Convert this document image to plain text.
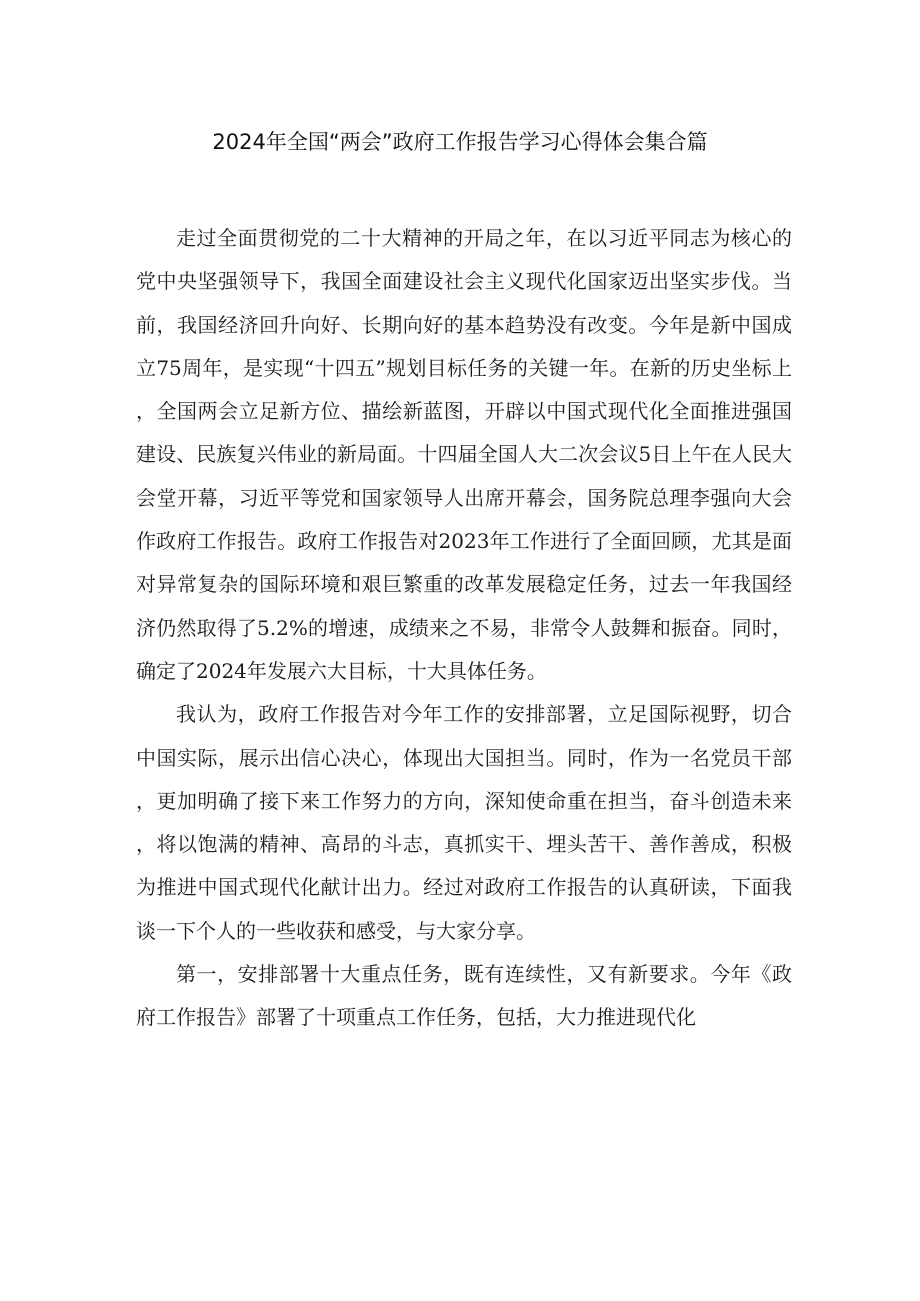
2024年全国“两会”政府工作报告学习心得体会集合篇

走过全面贯彻党的二十大精神的开局之年，在以习近平同志为核心的党中央坚强领导下，我国全面建设社会主义现代化国家迈出坚实步伐。当前，我国经济回升向好、长期向好的基本趋势没有改变。今年是新中国成立75周年，是实现“十四五”规划目标任务的关键一年。在新的历史坐标上，全国两会立足新方位、描绘新蓝图，开辟以中国式现代化全面推进强国建设、民族复兴伟业的新局面。十四届全国人大二次会议5日上午在人民大会堂开幕，习近平等党和国家领导人出席开幕会，国务院总理李强向大会作政府工作报告。政府工作报告对2023年工作进行了全面回顾，尤其是面对异常复杂的国际环境和艰巨繁重的改革发展稳定任务，过去一年我国经济仍然取得了5.2%的增速，成绩来之不易，非常令人鼓舞和振奋。同时，确定了2024年发展六大目标，十大具体任务。

我认为，政府工作报告对今年工作的安排部署，立足国际视野，切合中国实际，展示出信心决心，体现出大国担当。同时，作为一名党员干部，更加明确了接下来工作努力的方向，深知使命重在担当，奋斗创造未来，将以饱满的精神、高昂的斗志，真抓实干、埋头苦干、善作善成，积极为推进中国式现代化献计出力。经过对政府工作报告的认真研读，下面我谈一下个人的一些收获和感受，与大家分享。

第一，安排部署十大重点任务，既有连续性，又有新要求。今年《政府工作报告》部署了十项重点工作任务，包括，大力推进现代化
